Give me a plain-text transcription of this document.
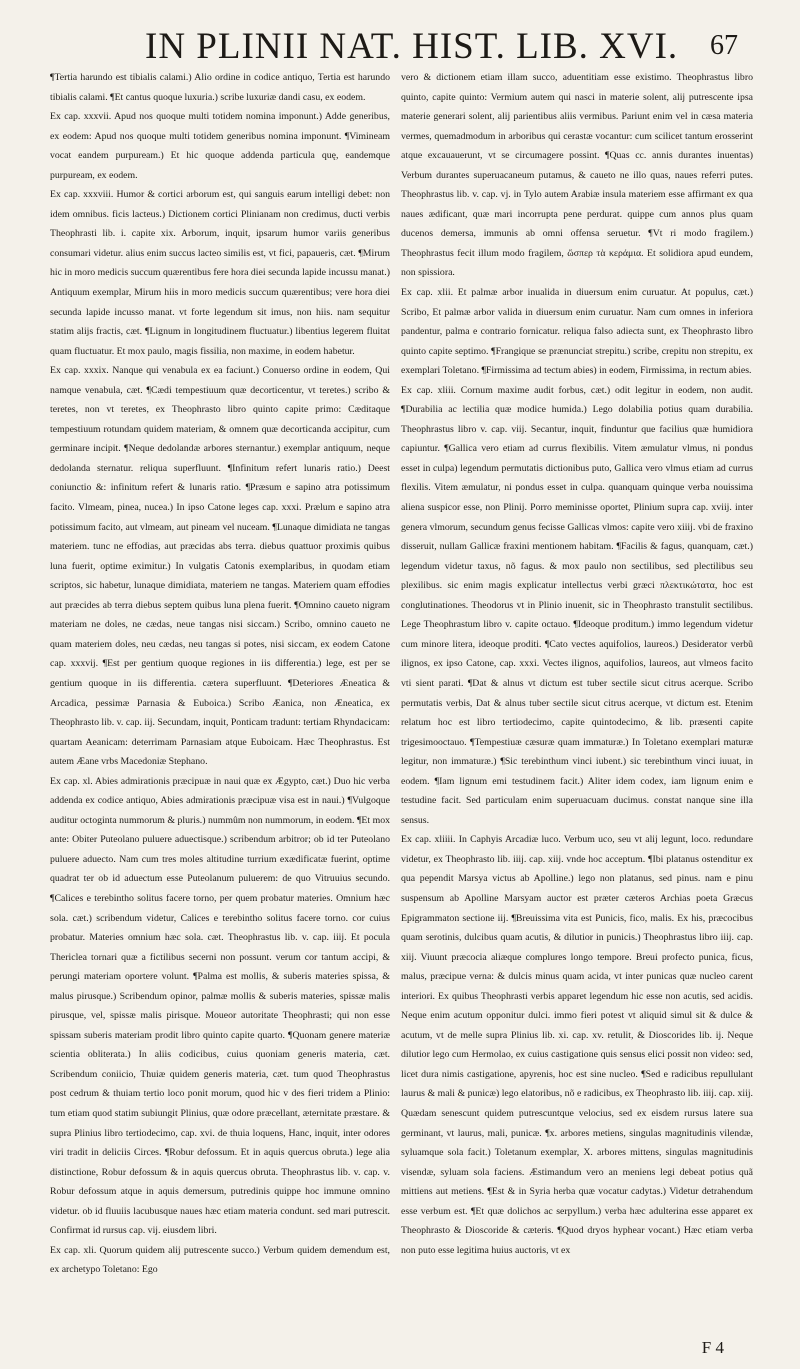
IN PLINII NAT. HIST. LIB. XVI. 67

¶Tertia harundo est tibialis calami.) Alio ordine in codice antiquo, Tertia est harundo tibialis calami. ¶Et cantus quoque luxuria.) scribe luxuriæ dandi casu, ex eodem.

Ex cap. xxxvii. Apud nos quoque multi totidem nomina imponunt.) Adde generibus, ex eodem: Apud nos quoque multi totidem generibus nomina imponunt. ¶Vimineam vocat eandem purpuream.) Et hic quoque addenda particula quę, eandemque purpuream, ex eodem.

Ex cap. xxxviii. Humor & cortici arborum est, qui sanguis earum intelligi debet: non idem omnibus. ficis lacteus.) Dictionem cortici Plinianam non credimus, ducti verbis Theophrasti lib. i. capite xix. Arborum, inquit, ipsarum humor variis generibus consumari videtur. alius enim succus lacteo similis est, vt fici, papaueris, cæt. ¶Mirum hic in moro medicis succum quærentibus fere hora diei secunda lapide incussu manat.) Antiquum exemplar, Mirum hiis in moro medicis succum quærentibus; vere hora diei secunda lapide incusso manat. vt forte legendum sit imus, non hiis. nam sequitur statim alijs fractis, cæt. ¶Lignum in longitudinem fluctuatur.) libentius legerem fluitat quam fluctuatur. Et mox paulo, magis fissilia, non maxime, in eodem habetur.

Ex cap. xxxix. Nanque qui venabula ex ea faciunt.) Conuerso ordine in eodem, Qui namque venabula, cæt. ¶Cædi tempestiuum quæ decorticentur, vt teretes.) scribo & teretes, non vt teretes, ex Theophrasto libro quinto capite primo: Cæditaque tempestiuum rotundam quidem materiam, & omnem quæ decorticanda accipitur, cum germinare incipit. ¶Neque dedolandæ arbores sternantur.) exemplar antiquum, neque dedolanda sternatur. reliqua superfluunt. ¶Infinitum refert lunaris ratio.) Deest coniunctio &: infinitum refert & lunaris ratio. ¶Præsum e sapino atra potissimum facito. Vlmeam, pinea, nucea.) In ipso Catone leges cap. xxxi. Prælum e sapino atra potissimum facito, aut vlmeam, aut pineam vel nuceam. ¶Lunaque dimidiata ne tangas materiem. tunc ne effodias, aut præcidas abs terra. diebus quattuor proximis quibus luna fuerit, optime eximitur.) In vulgatis Catonis exemplaribus, in quodam etiam scriptos, sic habetur, lunaque dimidiata, materiem ne tangas. Materiem quam effodies aut præcides ab terra diebus septem quibus luna plena fuerit. ¶Omnino caueto nigram materiam ne doles, ne cædas, neue tangas nisi siccam.) Scribo, omnino caueto ne quam materiem doles, neu cædas, neu tangas si potes, nisi siccam, ex eodem Catone cap. xxxvij. ¶Est per gentium quoque regiones in iis differentia.) lege, est per se gentium quoque in iis differentia. cætera superfluunt. ¶Deteriores Æneatica & Arcadica, pessimæ Parnasia & Euboica.) Scribo Æanica, non Æneatica, ex Theophrasto lib. v. cap. iij. Secundam, inquit, Ponticam tradunt: tertiam Rhyndacicam: quartam Aeanicam: deterrimam Parnasiam atque Euboicam. Hæc Theophrastus. Est autem Æane vrbs Macedoniæ Stephano.

Ex cap. xl. Abies admirationis præcipuæ in naui quæ ex Ægypto, cæt.) Duo hic verba addenda ex codice antiquo, Abies admirationis præcipuæ visa est in naui.) ¶Vulgoque auditur octoginta nummorum & pluris.) nummûm non nummorum, in eodem. ¶Et mox ante: Obiter Puteolano puluere aduectisque.) scribendum arbitror; ob id ter Puteolano puluere aduecto. Nam cum tres moles altitudine turrium exædificatæ fuerint, optime quadrat ter ob id aduectum esse Puteolanum puluerem: de quo Vitruuius secundo. ¶Calices e terebintho solitus facere torno, per quem probatur materies. Omnium hæc sola. cæt.) scribendum videtur, Calices e terebintho solitus facere torno. cor cuius probatur. Materies omnium hæc sola. cæt. Theophrastus lib. v. cap. iiij. Et pocula Thericlea tornari quæ a fictilibus secerni non possunt. verum cor tantum accipi, & perungi materiam oportere volunt. ¶Palma est mollis, & suberis materies spissa, & malus pirusque.) Scribendum opinor, palmæ mollis & suberis materies, spissæ malis pirusque, vel, spissæ malis pirisque. Moueor autoritate Theophrasti; qui non esse spissam suberis materiam prodit libro quinto capite quarto. ¶Quonam genere materiæ scientia obliterata.) In aliis codicibus, cuius quoniam generis materia, cæt. Scribendum coniicio, Thuiæ quidem generis materia, cæt. tum quod Theophrastus post cedrum & thuiam tertio loco ponit morum, quod hic v des fieri tridem a Plinio: tum etiam quod statim subiungit Plinius, quæ odore præcellant, æternitate præstare. & supra Plinius libro tertiodecimo, cap. xvi. de thuia loquens, Hanc, inquit, inter odores viri tradit in deliciis Circes. ¶Robur defossum. Et in aquis quercus obruta.) lege alia distinctione, Robur defossum & in aquis quercus obruta. Theophrastus lib. v. cap. v. Robur defossum atque in aquis demersum, putredinis quippe hoc immune omnino videtur. ob id fluuiis lacubusque naues hæc etiam materia condunt. sed mari putrescit. Confirmat id rursus cap. vij. eiusdem libri.

Ex cap. xli. Quorum quidem alij putrescente succo.) Verbum quidem demendum est, ex archetypo Toletano: Ego

vero & dictionem etiam illam succo, aduentitiam esse existimo. Theophrastus libro quinto, capite quinto: Vermium autem qui nasci in materie solent, alij putrescente ipsa materie generari solent, alij parientibus aliis vermibus. Pariunt enim vel in cæsa materia vermes, quemadmodum in arboribus qui cerastæ vocantur: cum scilicet tantum erosserint atque excauauerunt, vt se circumagere possint. ¶Quas cc. annis durantes inuentas) Verbum durantes superuacaneum putamus, & caueto ne illo quas, naues referri putes. Theophrastus lib. v. cap. vj. in Tylo autem Arabiæ insula materiem esse affirmant ex qua naues ædificant, quæ mari incorrupta pene perdurat. quippe cum annos plus quam ducenos demersa, immunis ab omni offensa seruetur. ¶Vt ri modo fragilem.) Theophrastus fecit illum modo fragilem, ὥσπερ τὰ κεράμια. Et solidiora apud eundem, non spissiora.

Ex cap. xlii. Et palmæ arbor inualida in diuersum enim curuatur. At populus, cæt.) Scribo, Et palmæ arbor valida in diuersum enim curuatur. Nam cum omnes in inferiora pandentur, palma e contrario fornicatur. reliqua falso adiecta sunt, ex Theophrasto libro quinto capite septimo. ¶Frangique se prænunciat strepitu.) scribe, crepitu non strepitu, ex exemplari Toletano. ¶Firmissima ad tectum abies) in eodem, Firmissima, in rectum abies.

Ex cap. xliii. Cornum maxime audit forbus, cæt.) odit legitur in eodem, non audit. ¶Durabilia ac lectilia quæ modice humida.) Lego dolabilia potius quam durabilia. Theophrastus libro v. cap. viij. Secantur, inquit, finduntur que facilius quæ humidiora capiuntur. ¶Gallica vero etiam ad currus flexibilis. Vitem æmulatur vlmus, ni pondus esset in culpa) legendum permutatis dictionibus puto, Gallica vero vlmus etiam ad currus flexilis. Vitem æmulatur, ni pondus esset in culpa. quanquam quinque verba nouissima aliena suspicor esse, non Plinij. Porro meminisse oportet, Plinium supra cap. xviij. inter genera vlmorum, secundum genus fecisse Gallicas vlmos: capite vero xiiij. vbi de fraxino disseruit, nullam Gallicæ fraxini mentionem habitam. ¶Facilis & fagus, quanquam, cæt.) legendum videtur taxus, nõ fagus. & mox paulo non sectilibus, sed plectilibus seu plexilibus. sic enim magis explicatur intellectus verbi græci πλεκτικώτατα, hoc est conglutinationes. Theodorus vt in Plinio inuenit, sic in Theophrasto transtulit sectilibus. Lege Theophrastum libro v. capite octauo. ¶Ideoque proditum.) immo legendum videtur cum minore litera, ideoque proditi. ¶Cato vectes aquifolios, laureos.) Desiderator verbũ ilignos, ex ipso Catone, cap. xxxi. Vectes ilignos, aquifolios, laureos, aut vlmeos facito vti sient parati. ¶Dat & alnus vt dictum est tuber sectile sicut citrus acerque. Scribo permutatis verbis, Dat & alnus tuber sectile sicut citrus acerque, vt dictum est. Etenim relatum hoc est libro tertiodecimo, capite quintodecimo, & lib. præsenti capite trigesimooctauo. ¶Tempestiuæ cæsuræ quam immaturæ.) In Toletano exemplari maturæ legitur, non immaturæ.) ¶Sic terebinthum vinci iubent.) sic terebinthum vinci iuuat, in eodem. ¶Iam lignum emi testudinem facit.) Aliter idem codex, iam lignum enim e testudine facit. Sed particulam enim superuacuam ducimus. constat nanque sine illa sensus.

Ex cap. xliiii. In Caphyis Arcadiæ luco. Verbum uco, seu vt alij legunt, loco. redundare videtur, ex Theophrasto lib. iiij. cap. xiij. vnde hoc acceptum. ¶Ibi platanus ostenditur ex qua pependit Marsya victus ab Apolline.) lego non platanus, sed pinus. nam e pinu suspensum ab Apolline Marsyam auctor est præter cæteros Archias poeta Græcus Epigrammaton sectione iij. ¶Breuissima vita est Punicis, fico, malis. Ex his, præcocibus quam serotinis, dulcibus quam acutis, & dilutior in punicis.) Theophrastus libro iiij. cap. xiij. Viuunt præcocia aliæque complures longo tempore. Breui profecto punica, ficus, malus, præcipue verna: & dulcis minus quam acida, vt inter punicas quæ nucleo carent interiori. Ex quibus Theophrasti verbis apparet legendum hic esse non acutis, sed acidis. Neque enim acutum opponitur dulci. immo fieri potest vt aliquid simul sit & dulce & acutum, vt de melle supra Plinius lib. xi. cap. xv. retulit, & Dioscorides lib. ij. Neque dilutior lego cum Hermolao, ex cuius castigatione quis sensus elici possit non video: sed, licet dura nimis castigatione, apyrenis, hoc est sine nucleo. ¶Sed e radicibus repullulant laurus & mali & punicæ) lego elatoribus, nõ e radicibus, ex Theophrasto lib. iiij. cap. xiij. Quædam senescunt quidem putrescuntque velocius, sed ex eisdem rursus latere sua germinant, vt laurus, mali, punicæ. ¶x. arbores metiens, singulas magnitudinis vilendæ, syluamque sola facit.) Toletanum exemplar, X. arbores mittens, singulas magnitudinis visendæ, syluam sola faciens. Æstimandum vero an meniens legi debeat potius quã mittiens aut metiens. ¶Est & in Syria herba quæ vocatur cadytas.) Videtur detrahendum esse verbum est. ¶Et quæ dolichos ac serpyllum.) verba hæc adulterina esse apparet ex Theophrasto & Dioscoride & cæteris. ¶Quod dryos hyphear vocant.) Hæc etiam verba non puto esse legitima huius auctoris, vt ex

F 4
